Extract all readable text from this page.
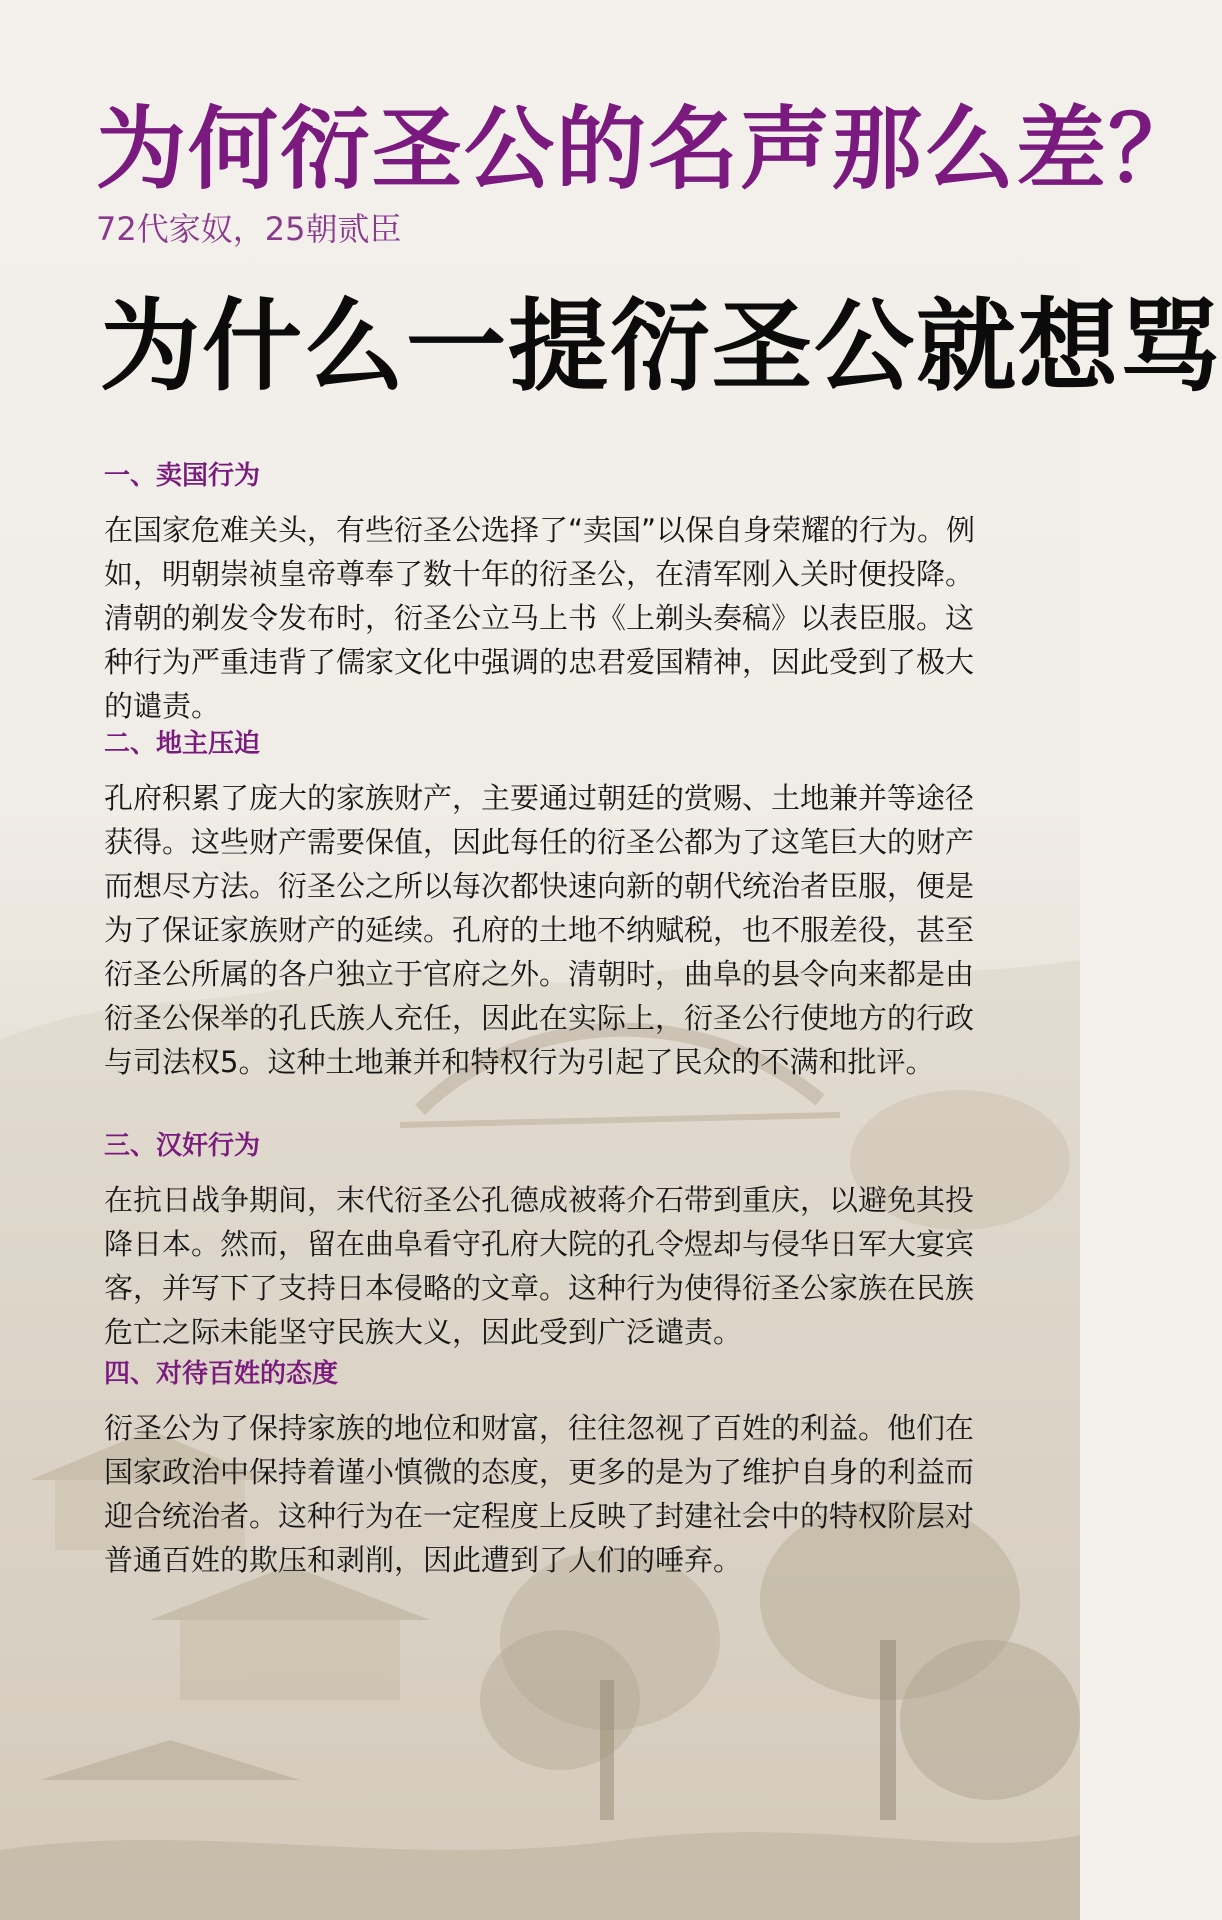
为何衍圣公的名声那么差？

72代家奴，25朝贰臣

为什么一提衍圣公就想骂
一、卖国行为

在国家危难关头，有些衍圣公选择了“卖国”以保自身荣耀的行为。例如，明朝崇祯皇帝尊奉了数十年的衍圣公，在清军刚入关时便投降。清朝的剃发令发布时，衍圣公立马上书《上剃头奏稿》以表臣服。这种行为严重违背了儒家文化中强调的忠君爱国精神，因此受到了极大的谴责。

二、地主压迫

孔府积累了庞大的家族财产，主要通过朝廷的赏赐、土地兼并等途径获得。这些财产需要保值，因此每任的衍圣公都为了这笔巨大的财产而想尽方法。衍圣公之所以每次都快速向新的朝代统治者臣服，便是为了保证家族财产的延续。孔府的土地不纳赋税，也不服差役，甚至衍圣公所属的各户独立于官府之外。清朝时，曲阜的县令向来都是由衍圣公保举的孔氏族人充任，因此在实际上，衍圣公行使地方的行政与司法权5。这种土地兼并和特权行为引起了民众的不满和批评。

三、汉奸行为

在抗日战争期间，末代衍圣公孔德成被蒋介石带到重庆，以避免其投降日本。然而，留在曲阜看守孔府大院的孔令煜却与侵华日军大宴宾客，并写下了支持日本侵略的文章。这种行为使得衍圣公家族在民族危亡之际未能坚守民族大义，因此受到广泛谴责。

四、对待百姓的态度

衍圣公为了保持家族的地位和财富，往往忽视了百姓的利益。他们在国家政治中保持着谨小慎微的态度，更多的是为了维护自身的利益而迎合统治者。这种行为在一定程度上反映了封建社会中的特权阶层对普通百姓的欺压和剥削，因此遭到了人们的唾弃。
